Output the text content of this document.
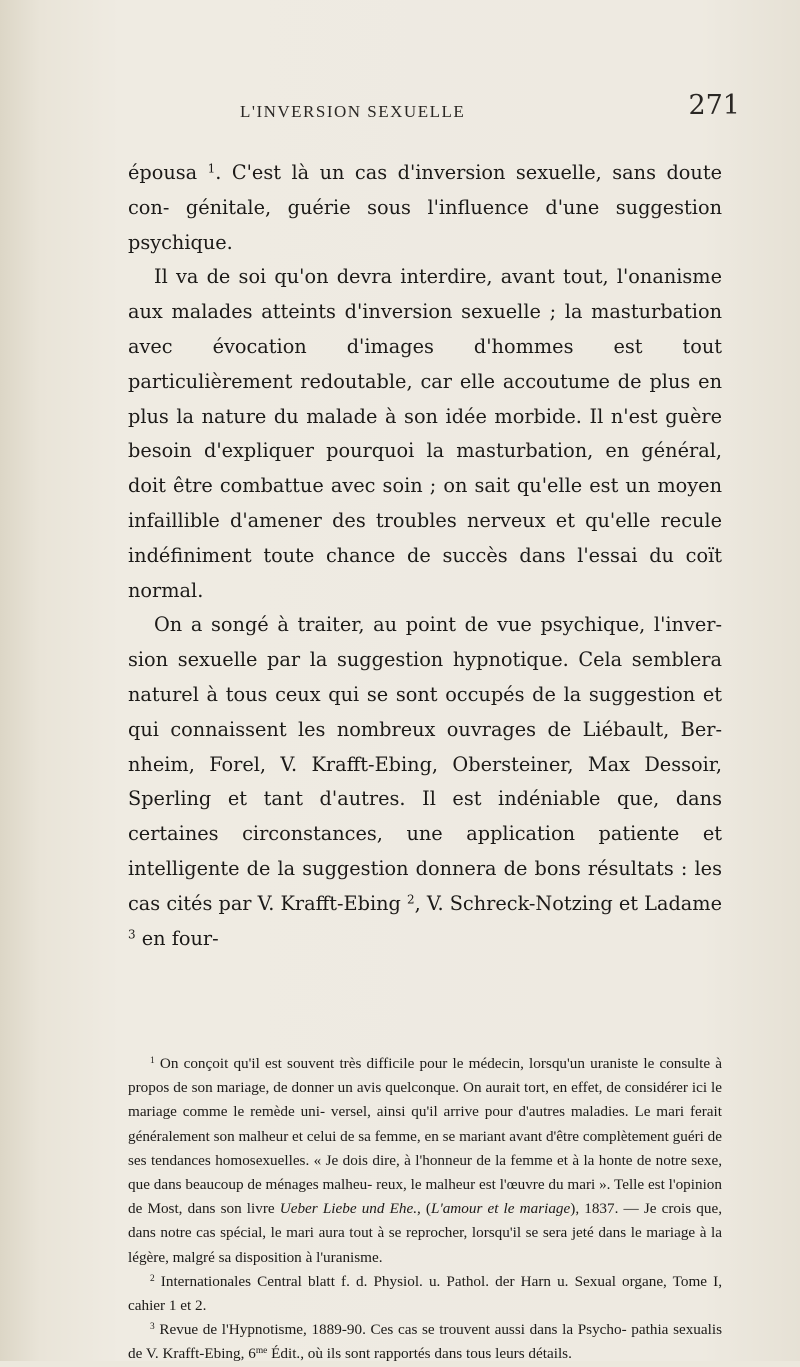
L'INVERSION SEXUELLE	271

épousa $^1$. C'est là un cas d'inversion sexuelle, sans doute con- génitale, guérie sous l'influence d'une suggestion psychique.

Il va de soi qu'on devra interdire, avant tout, l'onanisme aux malades atteints d'inversion sexuelle ; la masturbation avec évocation d'images d'hommes est tout particulièrement redoutable, car elle accoutume de plus en plus la nature du malade à son idée morbide. Il n'est guère besoin d'expliquer pourquoi la masturbation, en général, doit être combattue avec soin ; on sait qu'elle est un moyen infaillible d'amener des troubles nerveux et qu'elle recule indéfiniment toute chance de succès dans l'essai du coït normal.

On a songé à traiter, au point de vue psychique, l'inver- sion sexuelle par la suggestion hypnotique. Cela semblera naturel à tous ceux qui se sont occupés de la suggestion et qui connaissent les nombreux ouvrages de Liébault, Ber- nheim, Forel, V. Krafft-Ebing, Obersteiner, Max Dessoir, Sperling et tant d'autres. Il est indéniable que, dans certaines circonstances, une application patiente et intelligente de la suggestion donnera de bons résultats : les cas cités par V. Krafft-Ebing $^2$, V. Schreck-Notzing et Ladame $^3$ en four-

$^1$ On conçoit qu'il est souvent très difficile pour le médecin, lorsqu'un uraniste le consulte à propos de son mariage, de donner un avis quelconque. On aurait tort, en effet, de considérer ici le mariage comme le remède uni- versel, ainsi qu'il arrive pour d'autres maladies. Le mari ferait généralement son malheur et celui de sa femme, en se mariant avant d'être complètement guéri de ses tendances homosexuelles. « Je dois dire, à l'honneur de la femme et à la honte de notre sexe, que dans beaucoup de ménages malheu- reux, le malheur est l'œuvre du mari ». Telle est l'opinion de Most, dans son livre Ueber Liebe und Ehe., (L'amour et le mariage), 1837. — Je crois que, dans notre cas spécial, le mari aura tout à se reprocher, lorsqu'il se sera jeté dans le mariage à la légère, malgré sa disposition à l'uranisme.

$^2$ Internationales Central blatt f. d. Physiol. u. Pathol. der Harn u. Sexual organe, Tome I, cahier 1 et 2.

$^3$ Revue de l'Hypnotisme, 1889-90. Ces cas se trouvent aussi dans la Psycho- pathia sexualis de V. Krafft-Ebing, $6^{me}$ Édit., où ils sont rapportés dans tous leurs détails.
